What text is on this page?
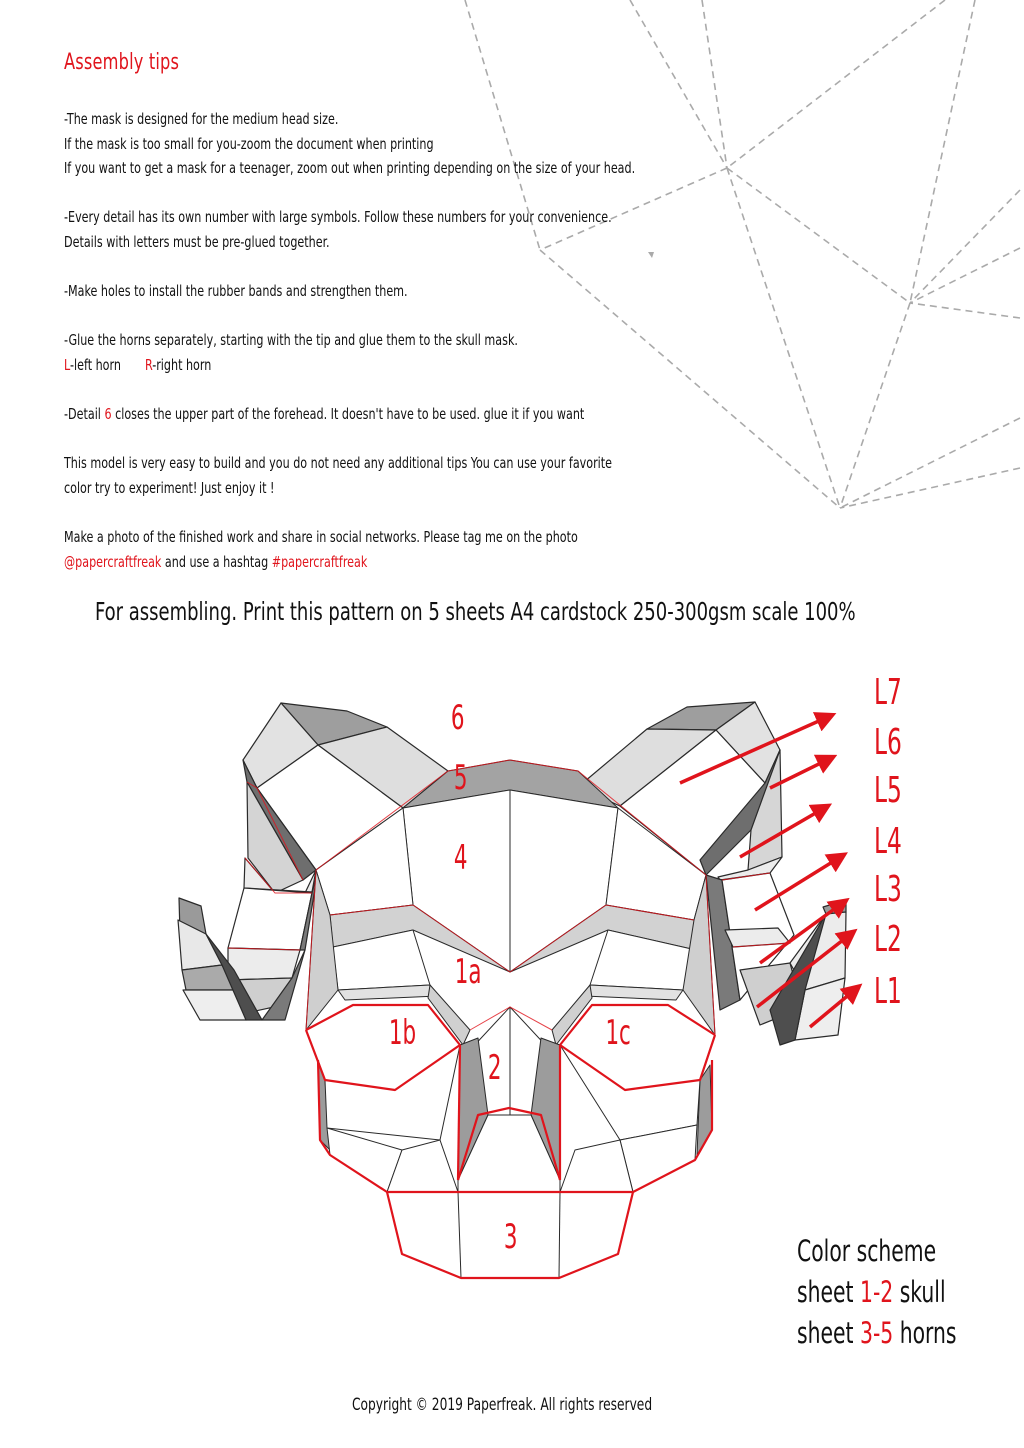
Assembly tips

-The mask is designed for the medium head size.
If the mask is too small for you-zoom the document when printing
If you want to get a mask for a teenager, zoom out when printing depending on the size of your head.

-Every detail has its own number with large symbols. Follow these numbers for your convenience.
Details with letters must be pre-glued together.

-Make holes to install the rubber bands and strengthen them.

-Glue the horns separately, starting with the tip and glue them to the skull mask.
L-left horn R-right horn

-Detail 6 closes the upper part of the forehead. It doesn't have to be used. glue it if you want

This model is very easy to build and you do not need any additional tips You can use your favorite
color try to experiment! Just enjoy it !

Make a photo of the finished work and share in social networks. Please tag me on the photo
@papercraftfreak and use a hashtag #papercraftfreak

For assembling. Print this pattern on 5 sheets A4 cardstock 250-300gsm scale 100%
6
5
4
1a
1b	1c
2
3
L7
L6
L5
L4
L3
L2
L1
Color scheme
sheet 1-2 skull
sheet 3-5 horns
Copyright © 2019 Paperfreak. All rights reserved
